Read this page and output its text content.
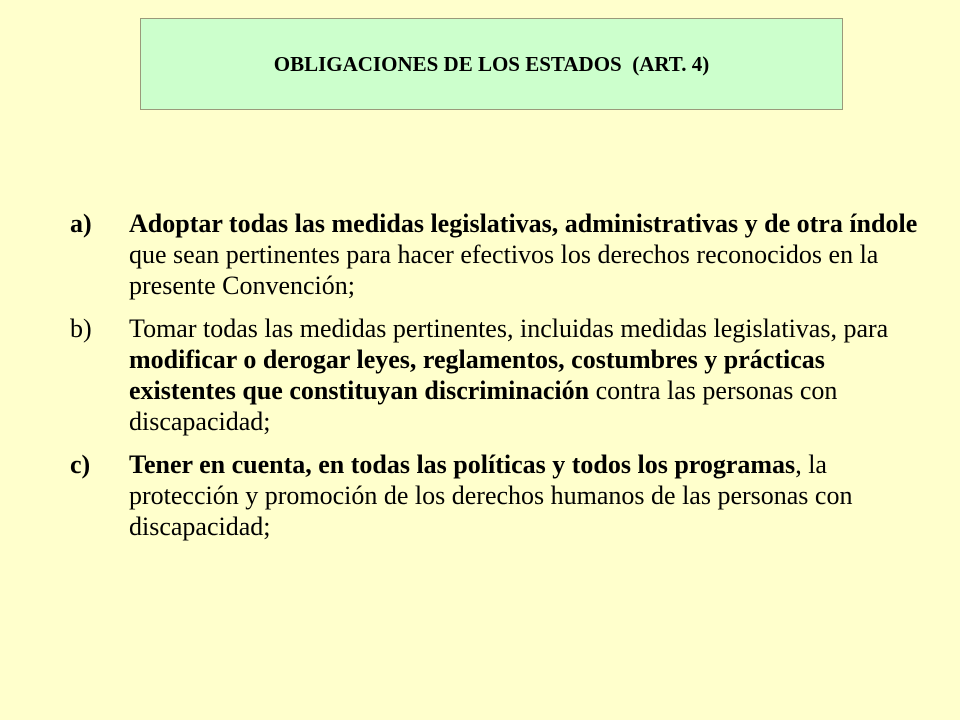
OBLIGACIONES DE LOS ESTADOS  (ART. 4)
a)	Adoptar todas las medidas legislativas, administrativas y de otra índole que sean pertinentes para hacer efectivos los derechos reconocidos en la presente Convención;
b)	Tomar todas las medidas pertinentes, incluidas medidas legislativas, para modificar o derogar leyes, reglamentos, costumbres y prácticas existentes que constituyan discriminación contra las personas con discapacidad;
c)	Tener en cuenta, en todas las políticas y todos los programas, la protección y promoción de los derechos humanos de las personas con discapacidad;
